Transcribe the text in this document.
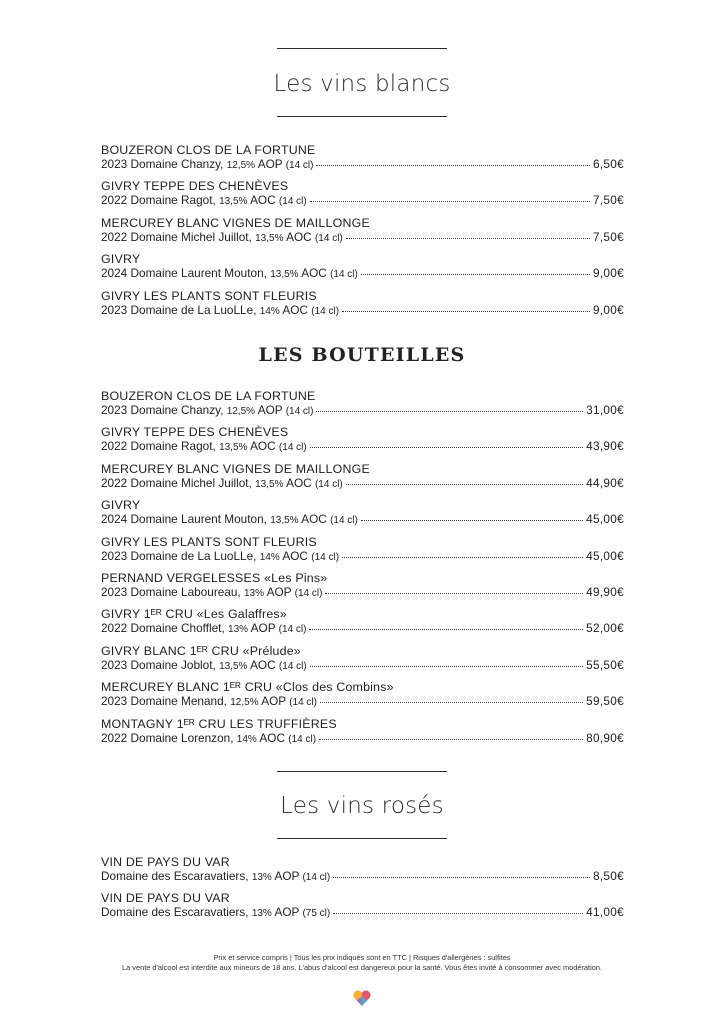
Les vins blancs
BOUZERON CLOS DE LA FORTUNE
2023 Domaine Chanzy, 12,5% AOP (14 cl)	6,50€
GIVRY TEPPE DES CHENÈVES
2022 Domaine Ragot, 13,5% AOC (14 cl)	7,50€
MERCUREY BLANC VIGNES DE MAILLONGE
2022 Domaine Michel Juillot, 13,5% AOC (14 cl)	7,50€
GIVRY
2024 Domaine Laurent Mouton, 13,5% AOC (14 cl)	9,00€
GIVRY LES PLANTS SONT FLEURIS
2023 Domaine de La LuoLLe, 14% AOC (14 cl)	9,00€
LES BOUTEILLES
BOUZERON CLOS DE LA FORTUNE
2023 Domaine Chanzy, 12,5% AOP (14 cl)	31,00€
GIVRY TEPPE DES CHENÈVES
2022 Domaine Ragot, 13,5% AOC (14 cl)	43,90€
MERCUREY BLANC VIGNES DE MAILLONGE
2022 Domaine Michel Juillot, 13,5% AOC (14 cl)	44,90€
GIVRY
2024 Domaine Laurent Mouton, 13,5% AOC (14 cl)	45,00€
GIVRY LES PLANTS SONT FLEURIS
2023 Domaine de La LuoLLe, 14% AOC (14 cl)	45,00€
PERNAND VERGELESSES «Les Pins»
2023 Domaine Laboureau, 13% AOP (14 cl)	49,90€
GIVRY 1ᴱᴿ CRU «Les Galaffres»
2022 Domaine Chofflet, 13% AOP (14 cl)	52,00€
GIVRY BLANC 1ᴱᴿ CRU «Prélude»
2023 Domaine Joblot, 13,5% AOC (14 cl)	55,50€
MERCUREY BLANC 1ᴱᴿ CRU «Clos des Combins»
2023 Domaine Menand, 12,5% AOP (14 cl)	59,50€
MONTAGNY 1ᴱᴿ CRU LES TRUFFIÈRES
2022 Domaine Lorenzon, 14% AOC (14 cl)	80,90€
Les vins rosés
VIN DE PAYS DU VAR
Domaine des Escaravatiers, 13% AOP (14 cl)	8,50€
VIN DE PAYS DU VAR
Domaine des Escaravatiers, 13% AOP (75 cl)	41,00€
Prix et service compris | Tous les prix indiqués sont en TTC | Risques d'allergènes : sulfites
La vente d'alcool est interdite aux mineurs de 18 ans. L'abus d'alcool est dangereux pour la santé. Vous êtes invité à consommer avec modération.
